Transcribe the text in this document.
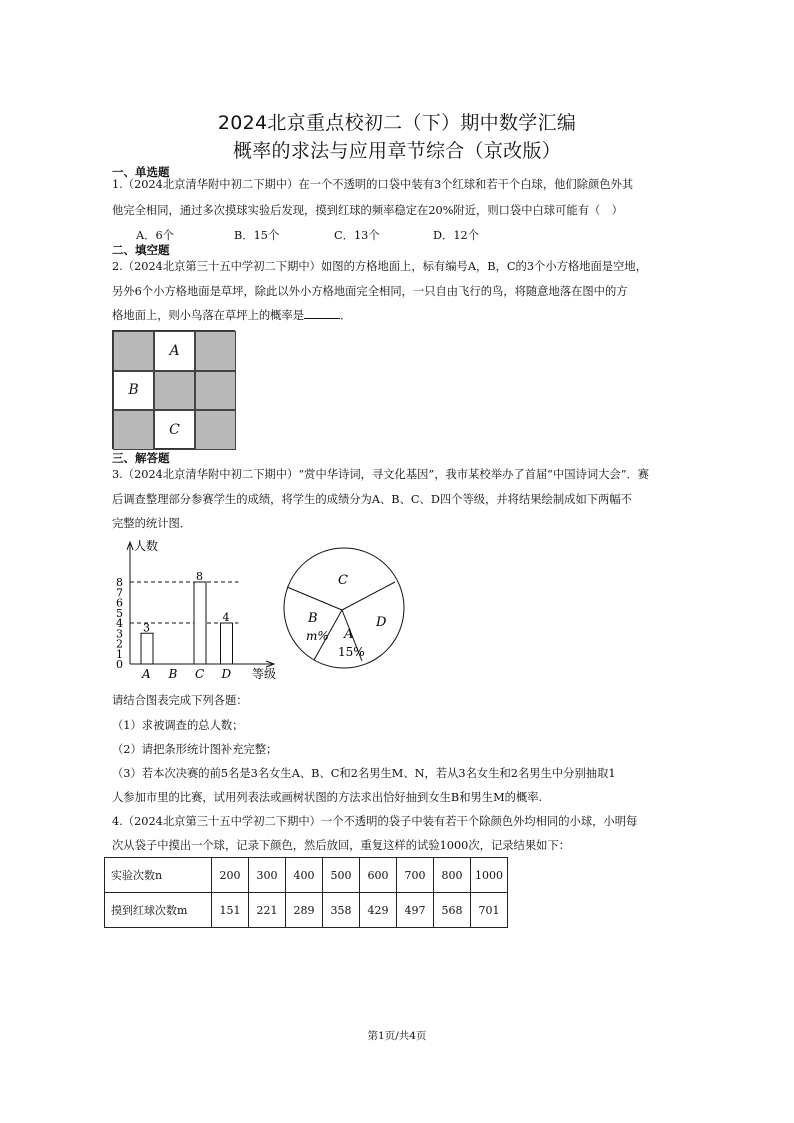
2024北京重点校初二（下）期中数学汇编
概率的求法与应用章节综合（京改版）
一、单选题
1.（2024北京清华附中初二下期中）在一个不透明的口袋中装有3个红球和若干个白球，他们除颜色外其
他完全相同，通过多次摸球实验后发现，摸到红球的频率稳定在20%附近，则口袋中白球可能有（　）
A．6个	B．15个	C．13个	D．12个
二、填空题
2.（2024北京第三十五中学初二下期中）如图的方格地面上，标有编号A，B，C的3个小方格地面是空地，
另外6个小方格地面是草坪，除此以外小方格地面完全相同，一只自由飞行的鸟，将随意地落在图中的方
格地面上，则小鸟落在草坪上的概率是	．
A
B
C
三、解答题
3.（2024北京清华附中初二下期中）“赏中华诗词，寻文化基因”，我市某校举办了首届“中国诗词大会”．赛
后调查整理部分参赛学生的成绩，将学生的成绩分为A、B、C、D四个等级，并将结果绘制成如下两幅不
完整的统计图．
人数
等级
0
1
2
3
4
5
6
7
8
3
A B
8
C
4
D
C
D
A
15%
B
m%
请结合图表完成下列各题：
（1）求被调查的总人数；
（2）请把条形统计图补充完整；
（3）若本次决赛的前5名是3名女生A、B、C和2名男生M、N，若从3名女生和2名男生中分别抽取1
人参加市里的比赛，试用列表法或画树状图的方法求出恰好抽到女生B和男生M的概率.
4.（2024北京第三十五中学初二下期中）一个不透明的袋子中装有若干个除颜色外均相同的小球，小明每
次从袋子中摸出一个球，记录下颜色，然后放回，重复这样的试验1000次，记录结果如下：
实验次数n	200	300	400	500	600	700	800	1000
摸到红球次数m	151	221	289	358	429	497	568	701
第1页/共4页
